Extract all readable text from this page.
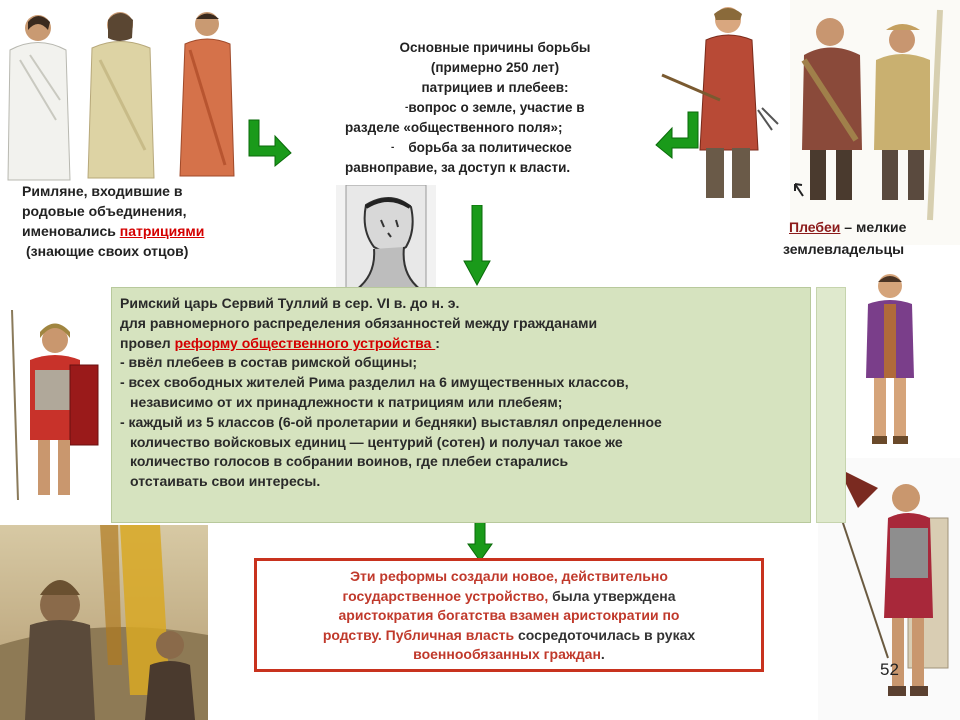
Основные причины борьбы
(примерно 250 лет)
патрициев и плебеев:
-вопрос о земле, участие в
разделе «общественного поля»;
- борьба за политическое
равноправие, за доступ к власти.
Римляне, входившие в
родовые объединения,
именовались патрициями
(знающие своих отцов)
Плебеи – мелкие
землевладельцы
Римский царь Сервий Туллий в сер. VI в. до н. э.
для равномерного распределения обязанностей между гражданами
провел реформу общественного устройства :
- ввёл плебеев в состав римской общины;
- всех свободных жителей Рима разделил на 6 имущественных классов,
независимо от их принадлежности к патрициям или плебеям;
- каждый из 5 классов (6-ой пролетарии и бедняки) выставлял определенное
количество войсковых единиц — центурий (сотен) и получал такое же
количество голосов в собрании воинов, где плебеи старались
отстаивать свои интересы.
Эти реформы создали новое, действительно
государственное устройство, была утверждена
аристократия богатства взамен аристократии по
родству. Публичная власть сосредоточилась в руках
военнообязанных граждан.
52
